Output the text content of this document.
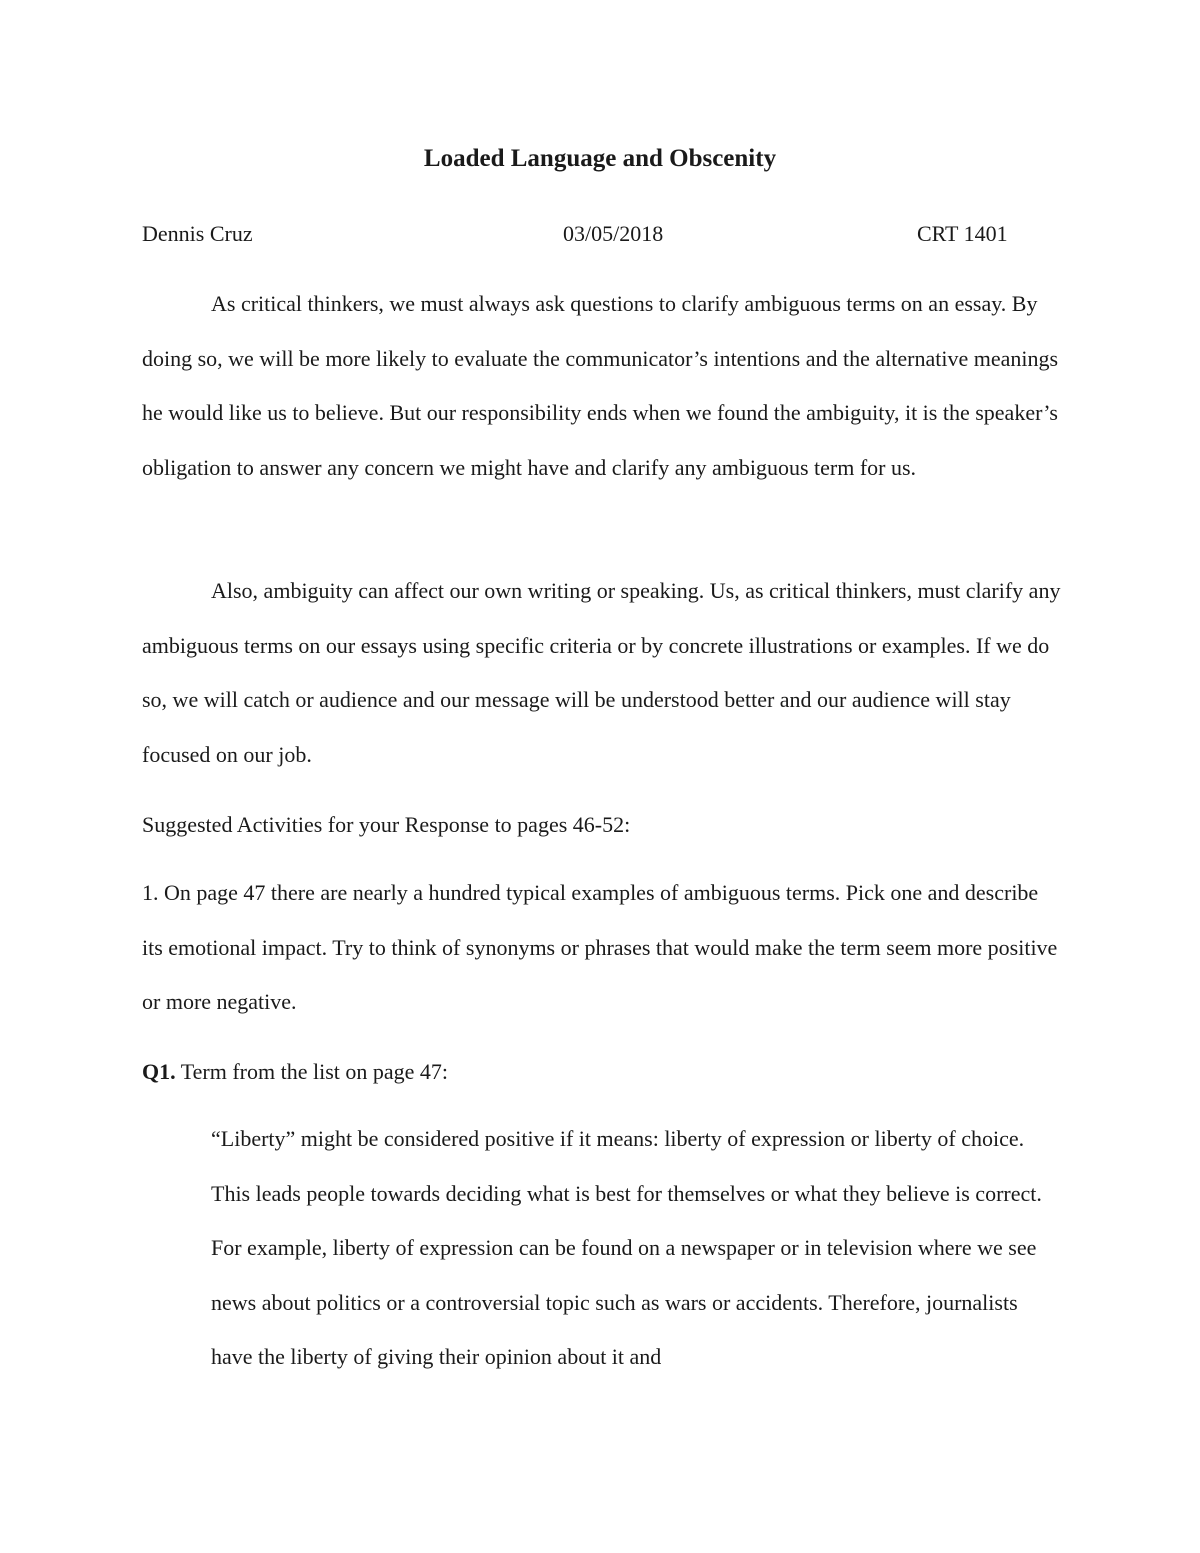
Loaded Language and Obscenity
Dennis Cruz	03/05/2018	CRT 1401

As critical thinkers, we must always ask questions to clarify ambiguous terms on an essay. By doing so, we will be more likely to evaluate the communicator’s intentions and the alternative meanings he would like us to believe. But our responsibility ends when we found the ambiguity, it is the speaker’s obligation to answer any concern we might have and clarify any ambiguous term for us.

Also, ambiguity can affect our own writing or speaking. Us, as critical thinkers, must clarify any ambiguous terms on our essays using specific criteria or by concrete illustrations or examples. If we do so, we will catch or audience and our message will be understood better and our audience will stay focused on our job.

Suggested Activities for your Response to pages 46-52:

1. On page 47 there are nearly a hundred typical examples of ambiguous terms. Pick one and describe its emotional impact. Try to think of synonyms or phrases that would make the term seem more positive or more negative.

Q1. Term from the list on page 47:

“Liberty” might be considered positive if it means: liberty of expression or liberty of choice. This leads people towards deciding what is best for themselves or what they believe is correct. For example, liberty of expression can be found on a newspaper or in television where we see news about politics or a controversial topic such as wars or accidents. Therefore, journalists have the liberty of giving their opinion about it and
